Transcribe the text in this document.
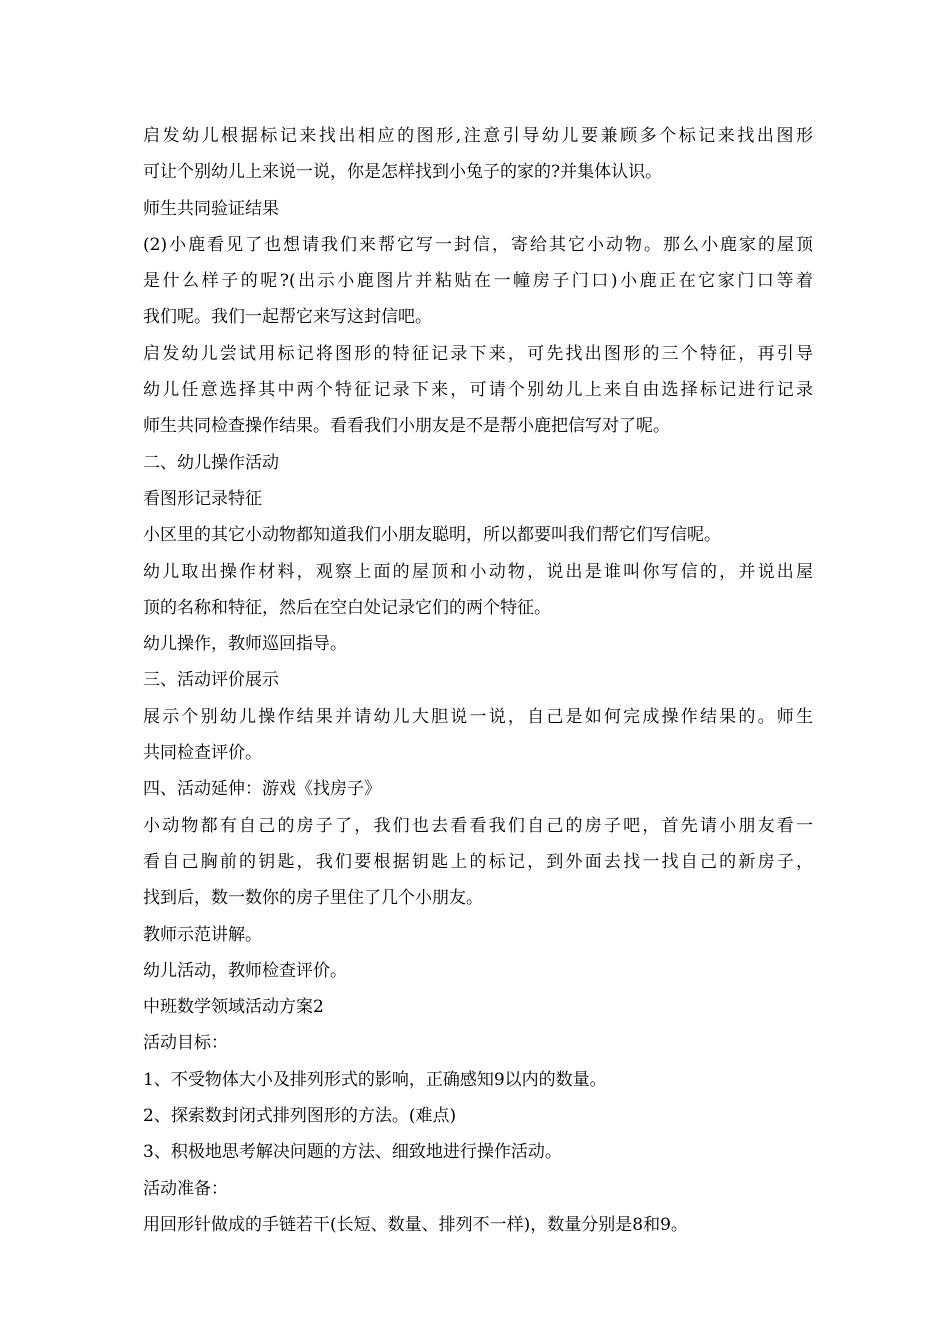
启发幼儿根据标记来找出相应的图形,注意引导幼儿要兼顾多个标记来找出图形
可让个别幼儿上来说一说，你是怎样找到小兔子的家的?并集体认识。
师生共同验证结果
(2)小鹿看见了也想请我们来帮它写一封信，寄给其它小动物。那么小鹿家的屋顶
是什么样子的呢?(出示小鹿图片并粘贴在一幢房子门口)小鹿正在它家门口等着
我们呢。我们一起帮它来写这封信吧。
启发幼儿尝试用标记将图形的特征记录下来，可先找出图形的三个特征，再引导
幼儿任意选择其中两个特征记录下来，可请个别幼儿上来自由选择标记进行记录
师生共同检查操作结果。看看我们小朋友是不是帮小鹿把信写对了呢。
二、幼儿操作活动
看图形记录特征
小区里的其它小动物都知道我们小朋友聪明，所以都要叫我们帮它们写信呢。
幼儿取出操作材料，观察上面的屋顶和小动物，说出是谁叫你写信的，并说出屋
顶的名称和特征，然后在空白处记录它们的两个特征。
幼儿操作，教师巡回指导。
三、活动评价展示
展示个别幼儿操作结果并请幼儿大胆说一说，自己是如何完成操作结果的。师生
共同检查评价。
四、活动延伸：游戏《找房子》
小动物都有自己的房子了，我们也去看看我们自己的房子吧，首先请小朋友看一
看自己胸前的钥匙，我们要根据钥匙上的标记，到外面去找一找自己的新房子，
找到后，数一数你的房子里住了几个小朋友。
教师示范讲解。
幼儿活动，教师检查评价。
中班数学领域活动方案2
活动目标：
1、不受物体大小及排列形式的影响，正确感知9以内的数量。
2、探索数封闭式排列图形的方法。(难点)
3、积极地思考解决问题的方法、细致地进行操作活动。
活动准备：
用回形针做成的手链若干(长短、数量、排列不一样)，数量分别是8和9。
